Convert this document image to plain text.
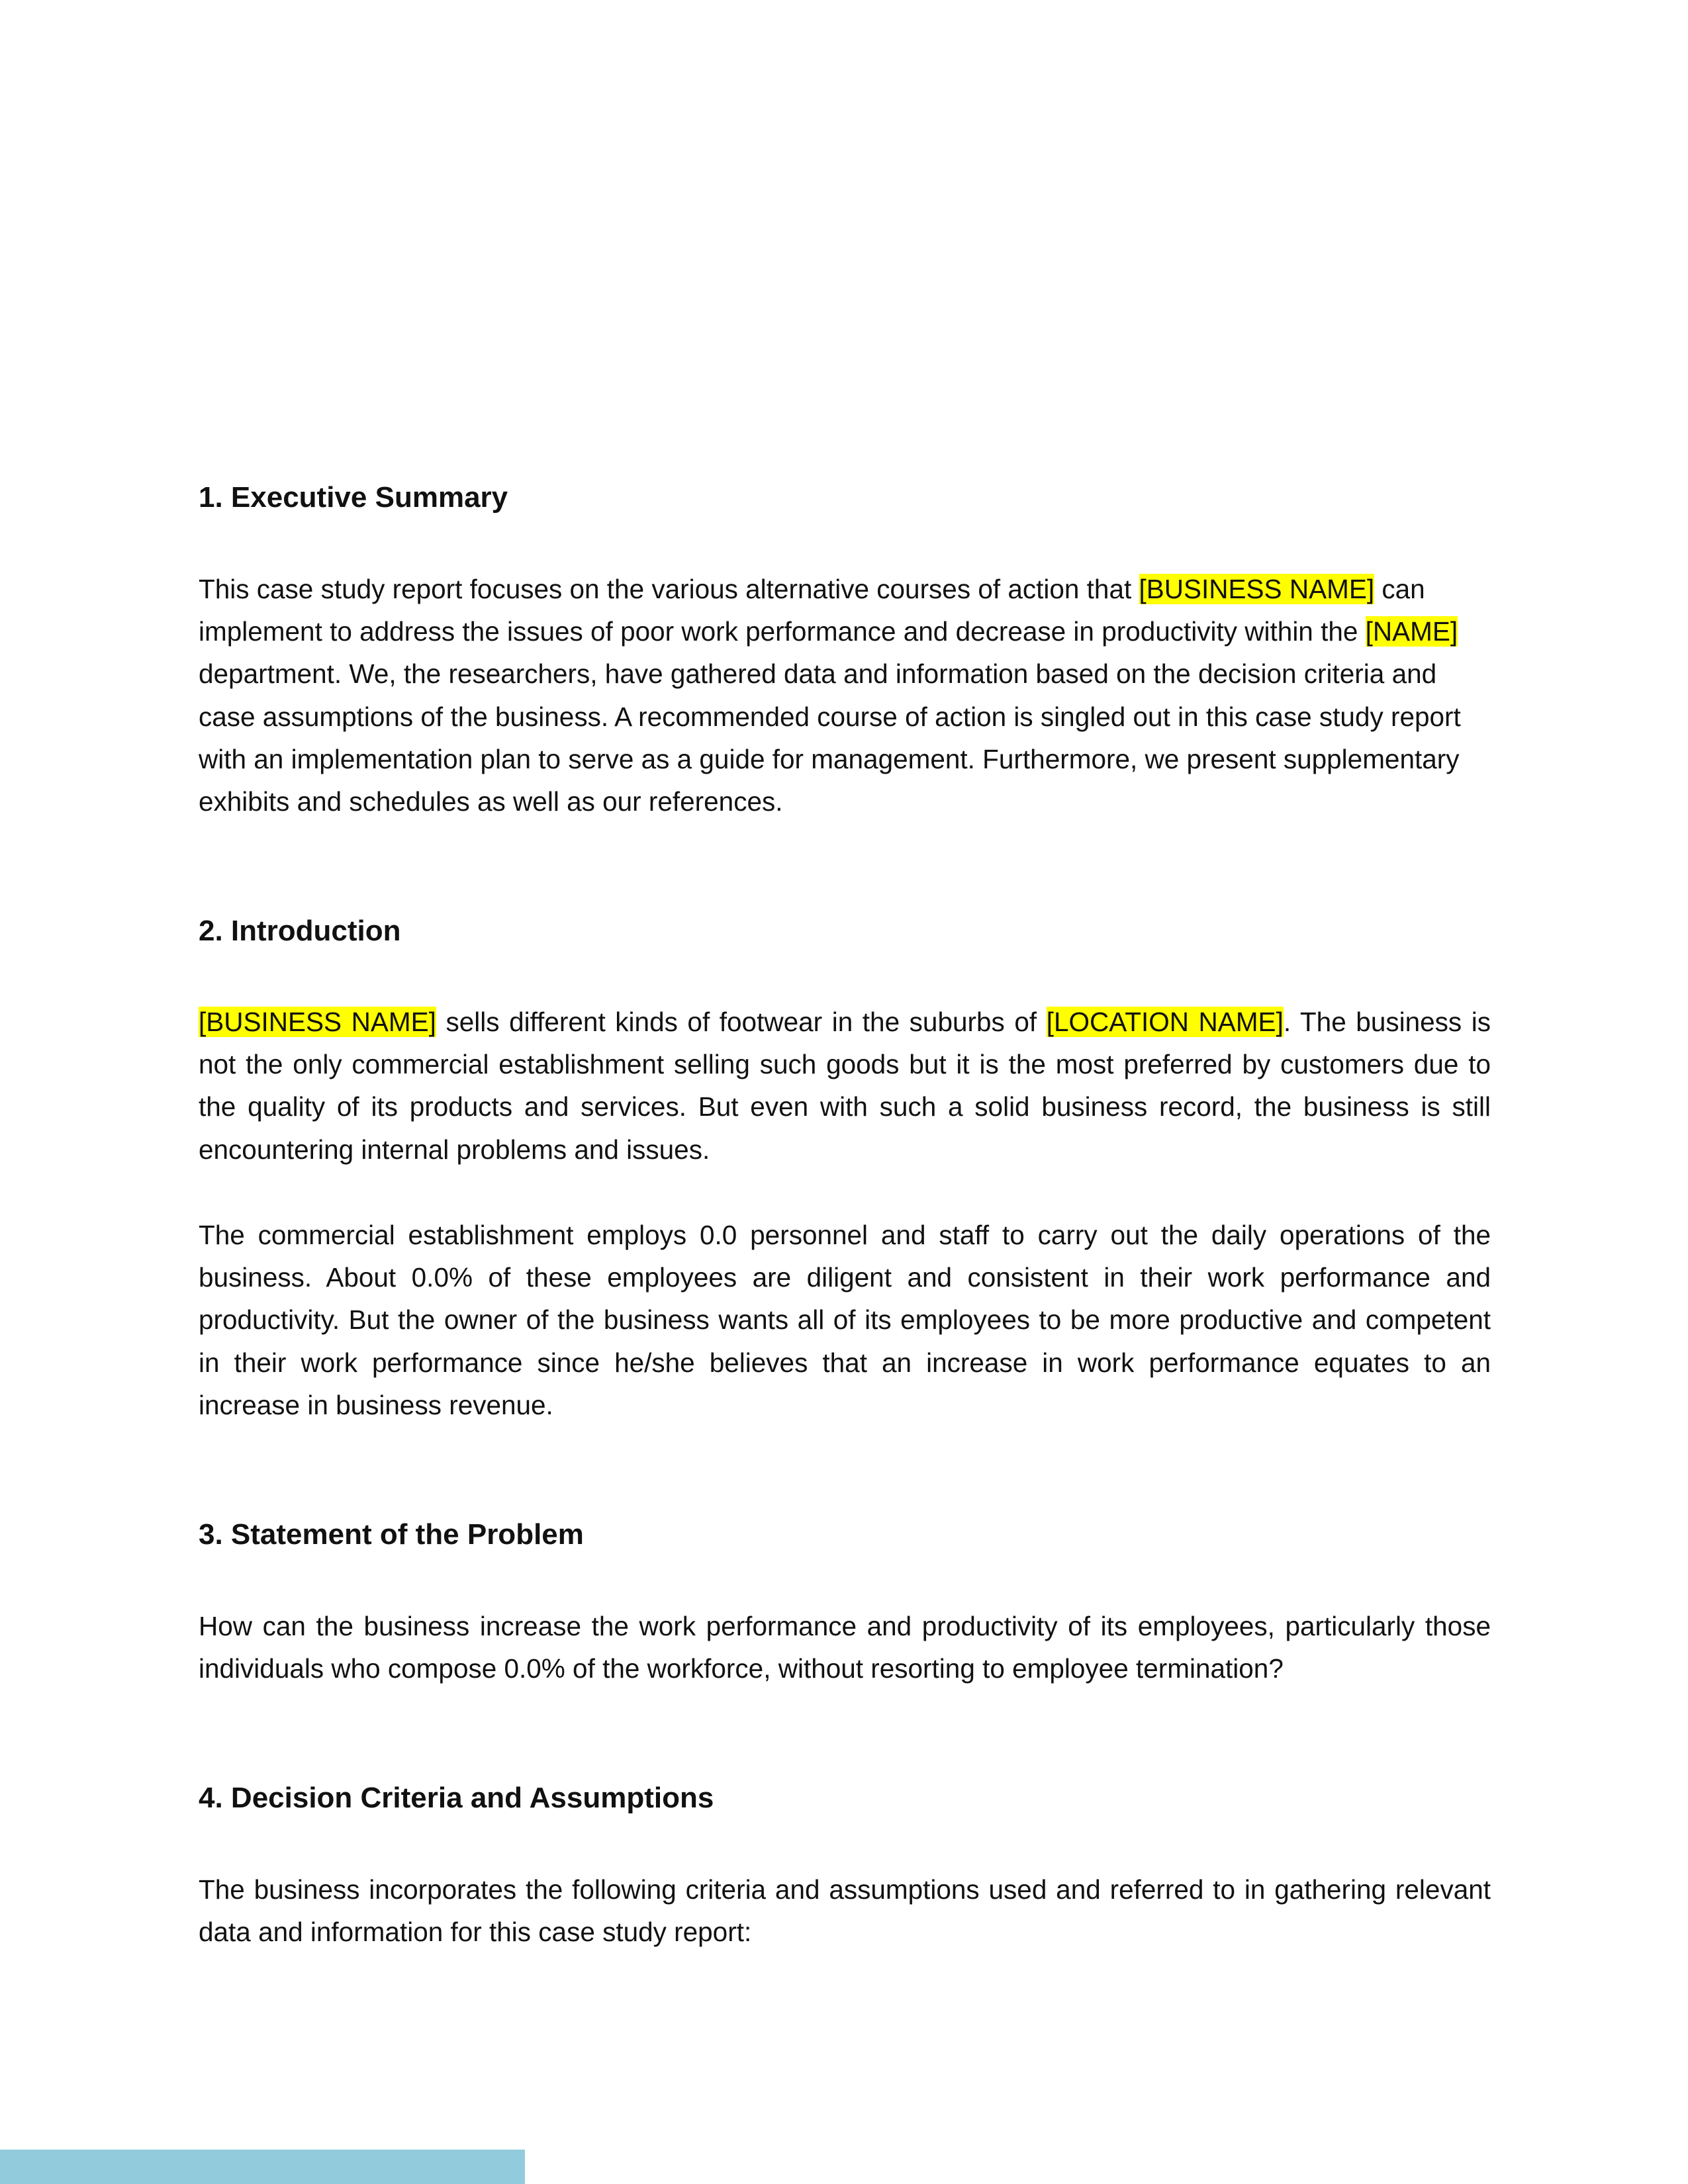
1. Executive Summary

This case study report focuses on the various alternative courses of action that [BUSINESS NAME] can implement to address the issues of poor work performance and decrease in productivity within the [NAME] department. We, the researchers, have gathered data and information based on the decision criteria and case assumptions of the business. A recommended course of action is singled out in this case study report with an implementation plan to serve as a guide for management. Furthermore, we present supplementary exhibits and schedules as well as our references.

2. Introduction

[BUSINESS NAME] sells different kinds of footwear in the suburbs of [LOCATION NAME]. The business is not the only commercial establishment selling such goods but it is the most preferred by customers due to the quality of its products and services. But even with such a solid business record, the business is still encountering internal problems and issues.

The commercial establishment employs 0.0 personnel and staff to carry out the daily operations of the business. About 0.0% of these employees are diligent and consistent in their work performance and productivity. But the owner of the business wants all of its employees to be more productive and competent in their work performance since he/she believes that an increase in work performance equates to an increase in business revenue.

3. Statement of the Problem

How can the business increase the work performance and productivity of its employees, particularly those individuals who compose 0.0% of the workforce, without resorting to employee termination?

4. Decision Criteria and Assumptions

The business incorporates the following criteria and assumptions used and referred to in gathering relevant data and information for this case study report:
